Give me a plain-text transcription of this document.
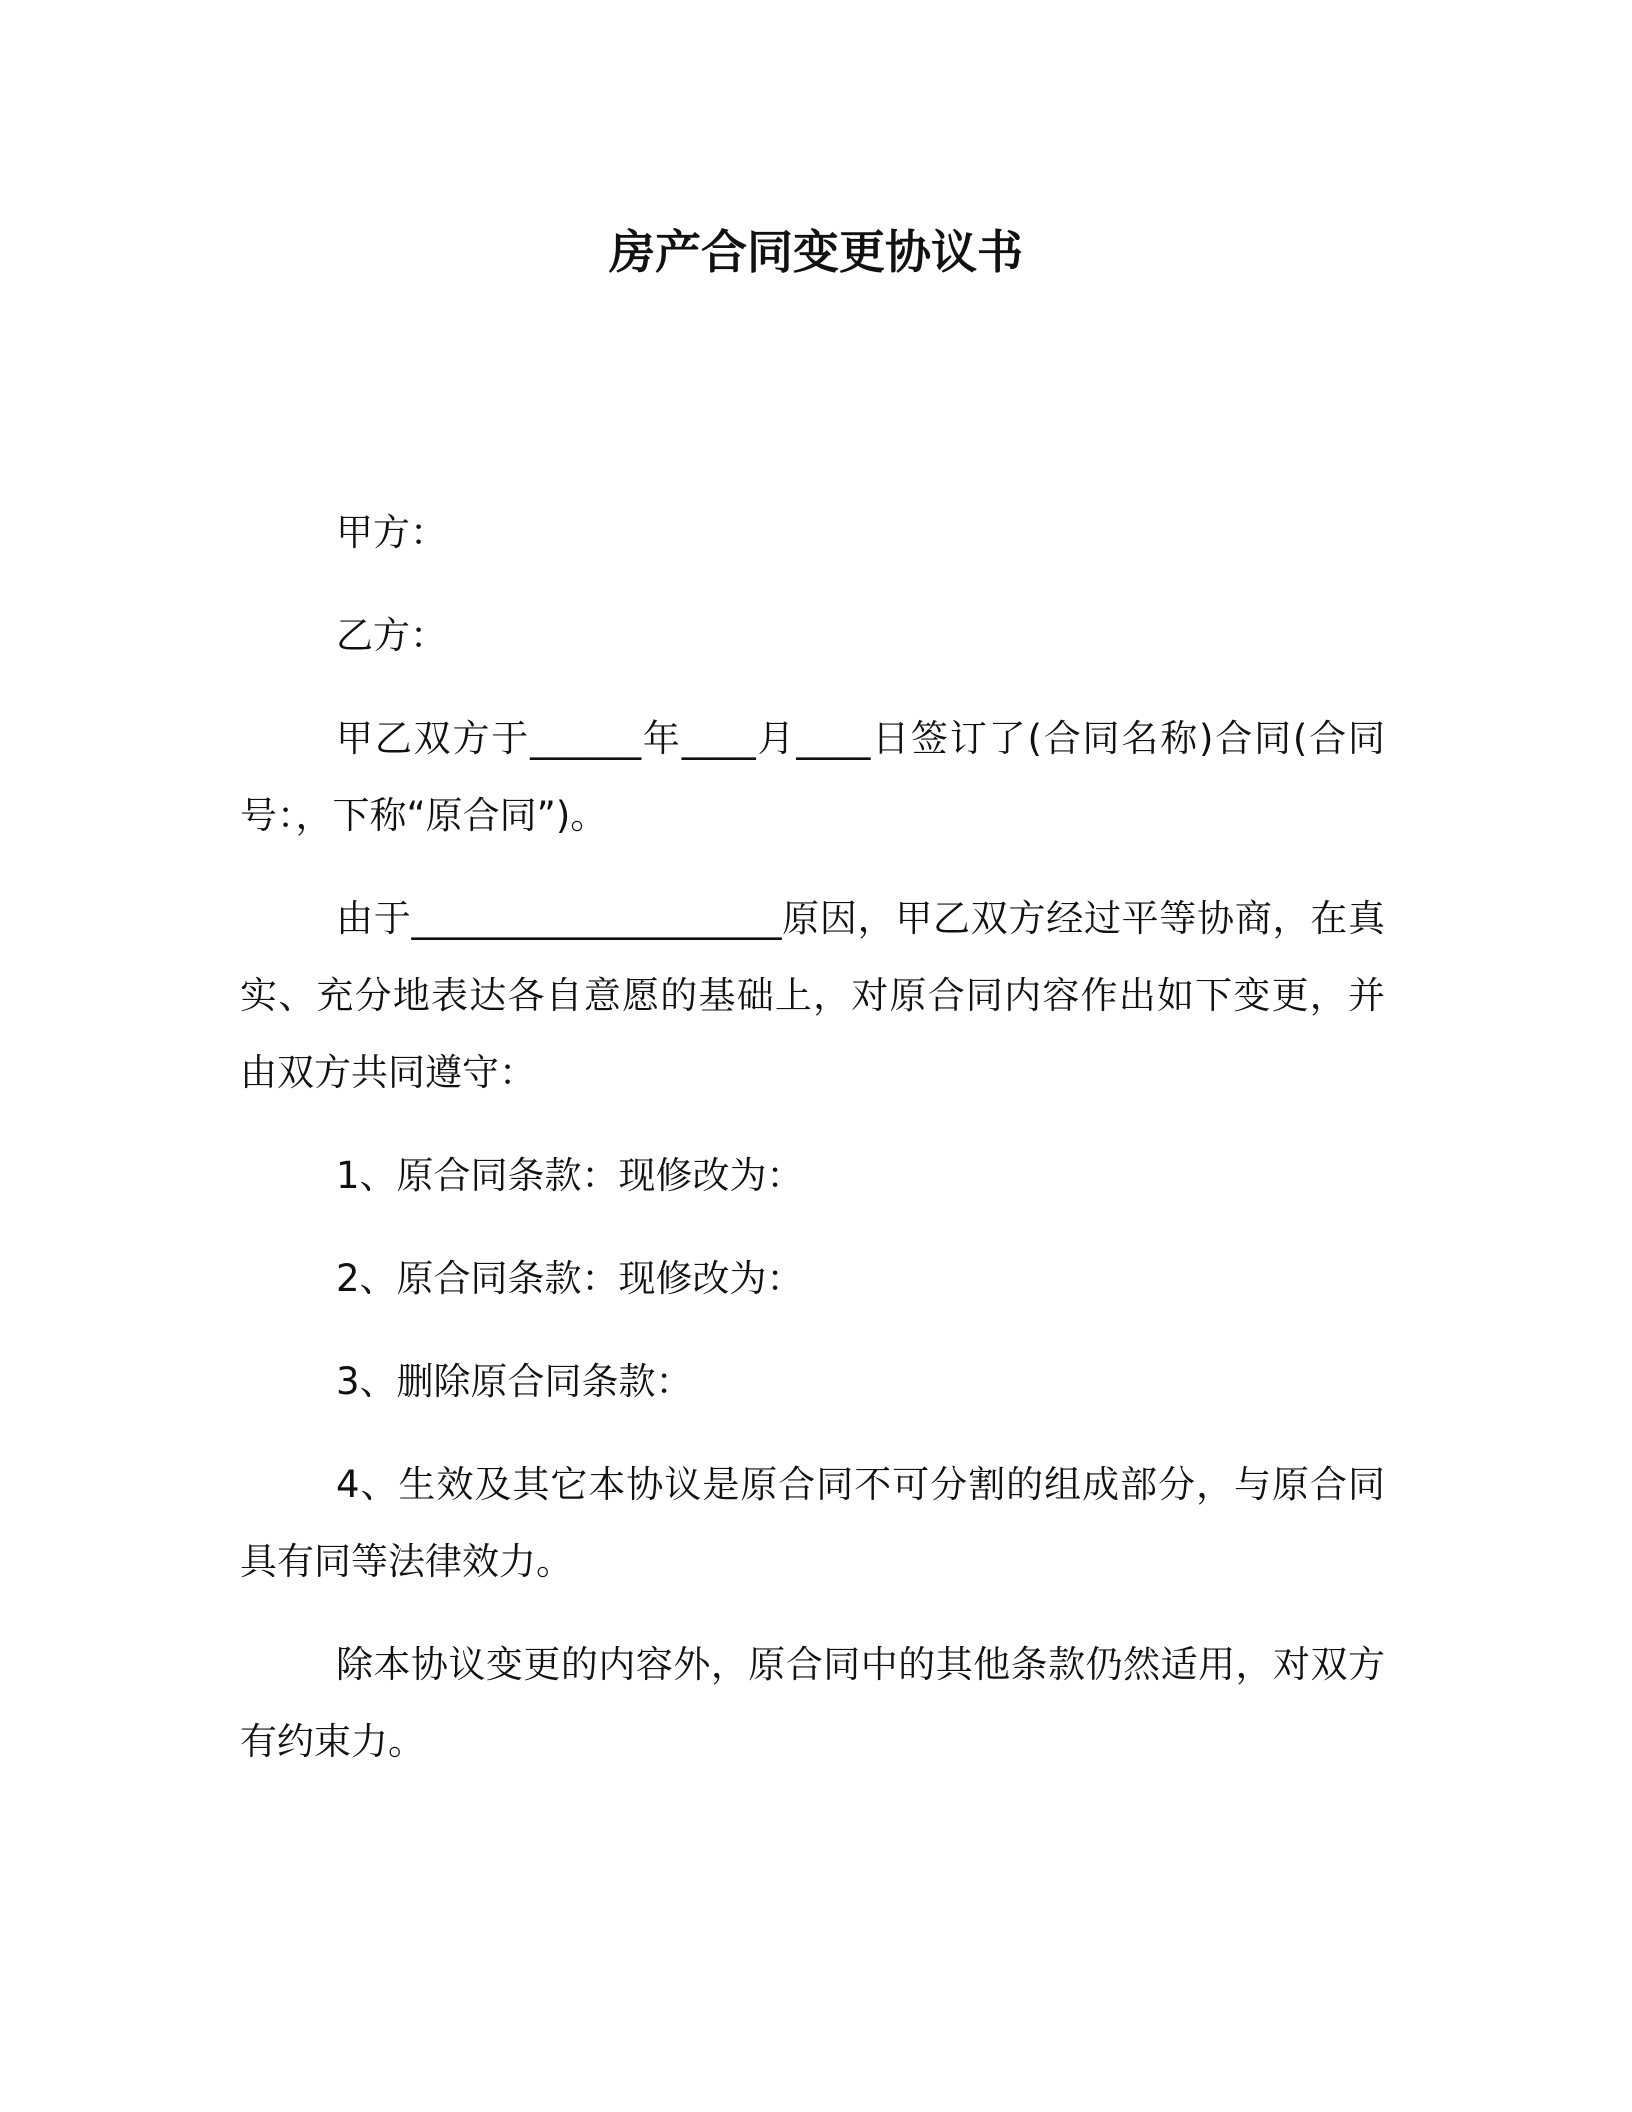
房产合同变更协议书

甲方：

乙方：

甲乙双方于______年____月____日签订了(合同名称)合同(合同号：，下称“原合同”)。

由于____________________原因，甲乙双方经过平等协商，在真实、充分地表达各自意愿的基础上，对原合同内容作出如下变更，并由双方共同遵守：

1、原合同条款：现修改为：

2、原合同条款：现修改为：

3、删除原合同条款：

4、生效及其它本协议是原合同不可分割的组成部分，与原合同具有同等法律效力。

除本协议变更的内容外，原合同中的其他条款仍然适用，对双方有约束力。
